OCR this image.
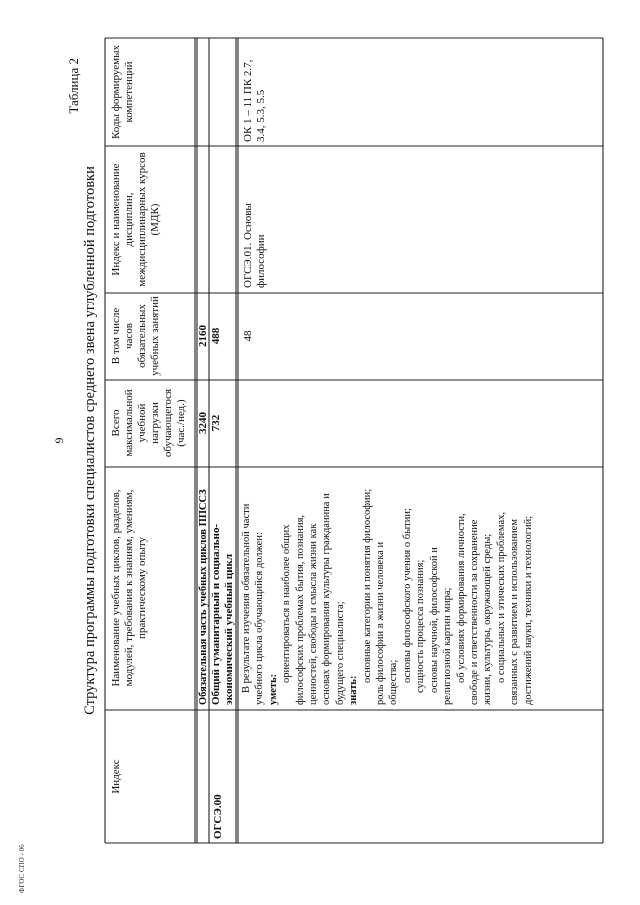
9
Таблица 2
Структура программы подготовки специалистов среднего звена углубленной подготовки
Индекс
Наименование учебных циклов, разделов, модулей, требования к знаниям, умениям, практическому опыту
Всего максимальной учебной нагрузки обучающегося (час./нед.)
В том числе часов обязательных учебных занятий
Индекс и наименование дисциплин, междисциплинарных курсов (МДК)
Коды формируемых компетенций
Обязательная часть учебных циклов ППССЗ
3240
2160
ОГСЭ.00
Общий гуманитарный и социально-экономический учебный цикл
732
488
В результате изучения обязательной части учебного цикла обучающийся должен: уметь:
ориентироваться в наиболее общих философских проблемах бытия, познания, ценностей, свободы и смысла жизни как основах формирования культуры гражданина и будущего специалиста; знать:
основные категории и понятия философии; роль философии в жизни человека и общества; основы философского учения о бытии; сущность процесса познания; основы научной, философской и религиозной картин мира; об условиях формирования личности, свободе и ответственности за сохранение жизни, культуры, окружающей среды; о социальных и этических проблемах, связанных с развитием и использованием достижений науки, техники и технологий;
48
ОГСЭ.01. Основы философии
ОК 1 – 11 ПК 2.7, 3.4, 5.3, 5.5
ФГОС СПО - 06
